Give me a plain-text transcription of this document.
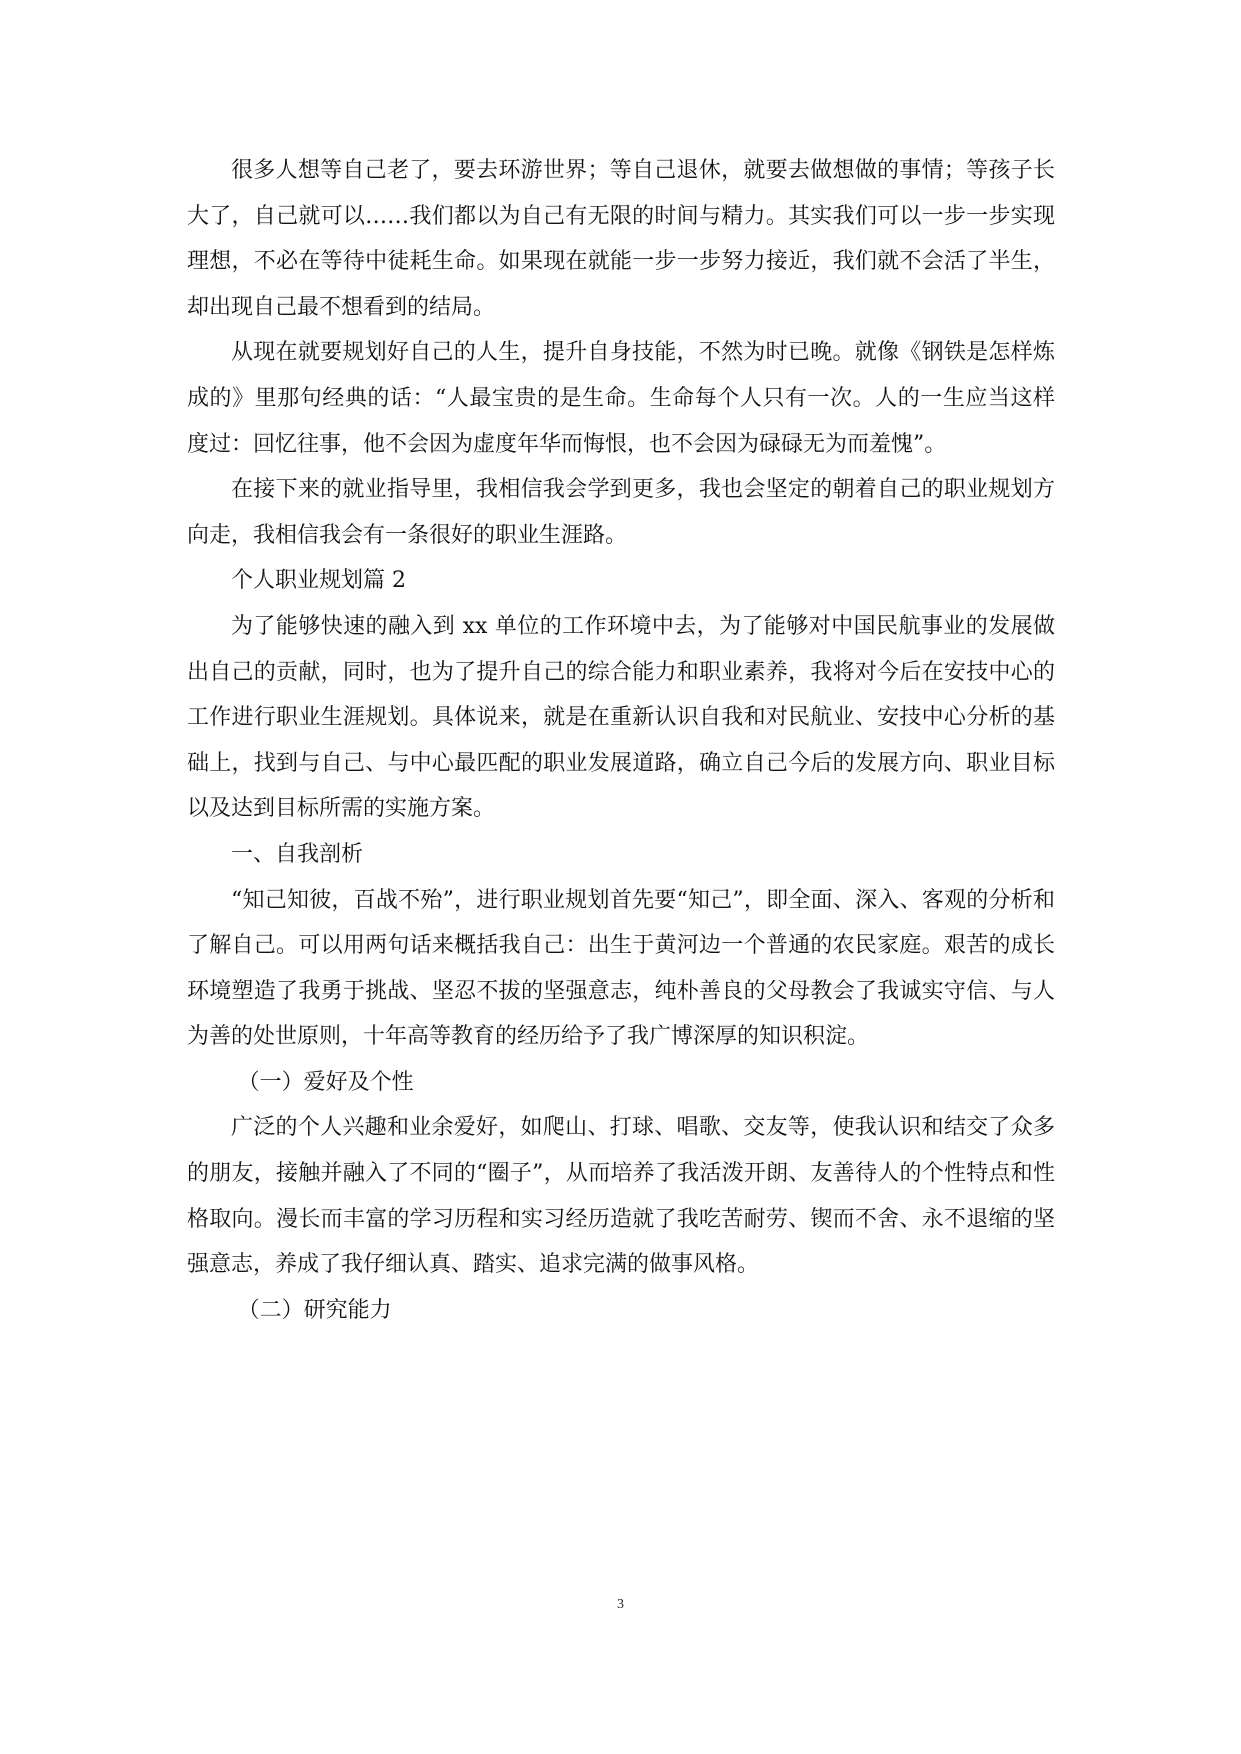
很多人想等自己老了，要去环游世界；等自己退休，就要去做想做的事情；等孩子长大了，自己就可以……我们都以为自己有无限的时间与精力。其实我们可以一步一步实现理想，不必在等待中徒耗生命。如果现在就能一步一步努力接近，我们就不会活了半生，却出现自己最不想看到的结局。

从现在就要规划好自己的人生，提升自身技能，不然为时已晚。就像《钢铁是怎样炼成的》里那句经典的话：“人最宝贵的是生命。生命每个人只有一次。人的一生应当这样度过：回忆往事，他不会因为虚度年华而悔恨，也不会因为碌碌无为而羞愧”。

在接下来的就业指导里，我相信我会学到更多，我也会坚定的朝着自己的职业规划方向走，我相信我会有一条很好的职业生涯路。

个人职业规划篇 2

为了能够快速的融入到 xx 单位的工作环境中去，为了能够对中国民航事业的发展做出自己的贡献，同时，也为了提升自己的综合能力和职业素养，我将对今后在安技中心的工作进行职业生涯规划。具体说来，就是在重新认识自我和对民航业、安技中心分析的基础上，找到与自己、与中心最匹配的职业发展道路，确立自己今后的发展方向、职业目标以及达到目标所需的实施方案。

一、自我剖析

“知己知彼，百战不殆”，进行职业规划首先要“知己”，即全面、深入、客观的分析和了解自己。可以用两句话来概括我自己：出生于黄河边一个普通的农民家庭。艰苦的成长环境塑造了我勇于挑战、坚忍不拔的坚强意志，纯朴善良的父母教会了我诚实守信、与人为善的处世原则，十年高等教育的经历给予了我广博深厚的知识积淀。

（一）爱好及个性

广泛的个人兴趣和业余爱好，如爬山、打球、唱歌、交友等，使我认识和结交了众多的朋友，接触并融入了不同的“圈子”，从而培养了我活泼开朗、友善待人的个性特点和性格取向。漫长而丰富的学习历程和实习经历造就了我吃苦耐劳、锲而不舍、永不退缩的坚强意志，养成了我仔细认真、踏实、追求完满的做事风格。

（二）研究能力

3
